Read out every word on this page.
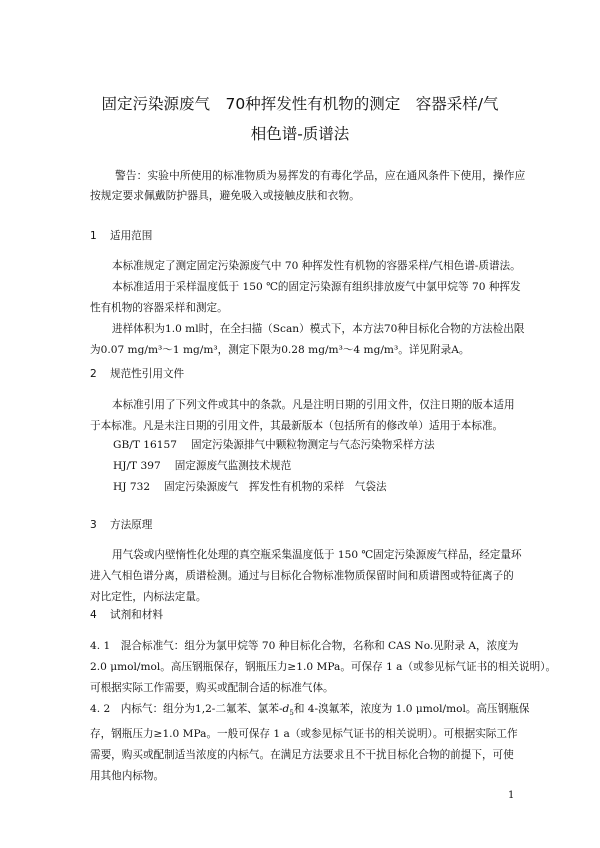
固定污染源废气　70种挥发性有机物的测定　容器采样/气
相色谱-质谱法
警告：实验中所使用的标准物质为易挥发的有毒化学品，应在通风条件下使用，操作应
按规定要求佩戴防护器具，避免吸入或接触皮肤和衣物。
1 适用范围
本标准规定了测定固定污染源废气中 70 种挥发性有机物的容器采样/气相色谱-质谱法。
本标准适用于采样温度低于 150 ℃的固定污染源有组织排放废气中氯甲烷等 70 种挥发
性有机物的容器采样和测定。
进样体积为1.0 ml时，在全扫描（Scan）模式下，本方法70种目标化合物的方法检出限
为0.07 mg/m³～1 mg/m³，测定下限为0.28 mg/m³～4 mg/m³。详见附录A。
2 规范性引用文件
本标准引用了下列文件或其中的条款。凡是注明日期的引用文件，仅注日期的版本适用
于本标准。凡是未注日期的引用文件，其最新版本（包括所有的修改单）适用于本标准。
GB/T 16157 固定污染源排气中颗粒物测定与气态污染物采样方法
HJ/T 397 固定源废气监测技术规范
HJ 732 固定污染源废气　挥发性有机物的采样　气袋法
3 方法原理
用气袋或内壁惰性化处理的真空瓶采集温度低于 150 ℃固定污染源废气样品，经定量环
进入气相色谱分离，质谱检测。通过与目标化合物标准物质保留时间和质谱图或特征离子的
对比定性，内标法定量。
4 试剂和材料
4. 1　混合标准气：组分为氯甲烷等 70 种目标化合物，名称和 CAS No.见附录 A，浓度为
2.0 μmol/mol。高压钢瓶保存，钢瓶压力≥1.0 MPa。可保存 1 a（或参见标气证书的相关说明）。
可根据实际工作需要，购买或配制合适的标准气体。
4. 2　内标气：组分为1,2-二氟苯、氯苯$-d_5$和 4-溴氟苯，浓度为 1.0 μmol/mol。高压钢瓶保
存，钢瓶压力≥1.0 MPa。一般可保存 1 a（或参见标气证书的相关说明）。可根据实际工作
需要，购买或配制适当浓度的内标气。在满足方法要求且不干扰目标化合物的前提下，可使
用其他内标物。
1
